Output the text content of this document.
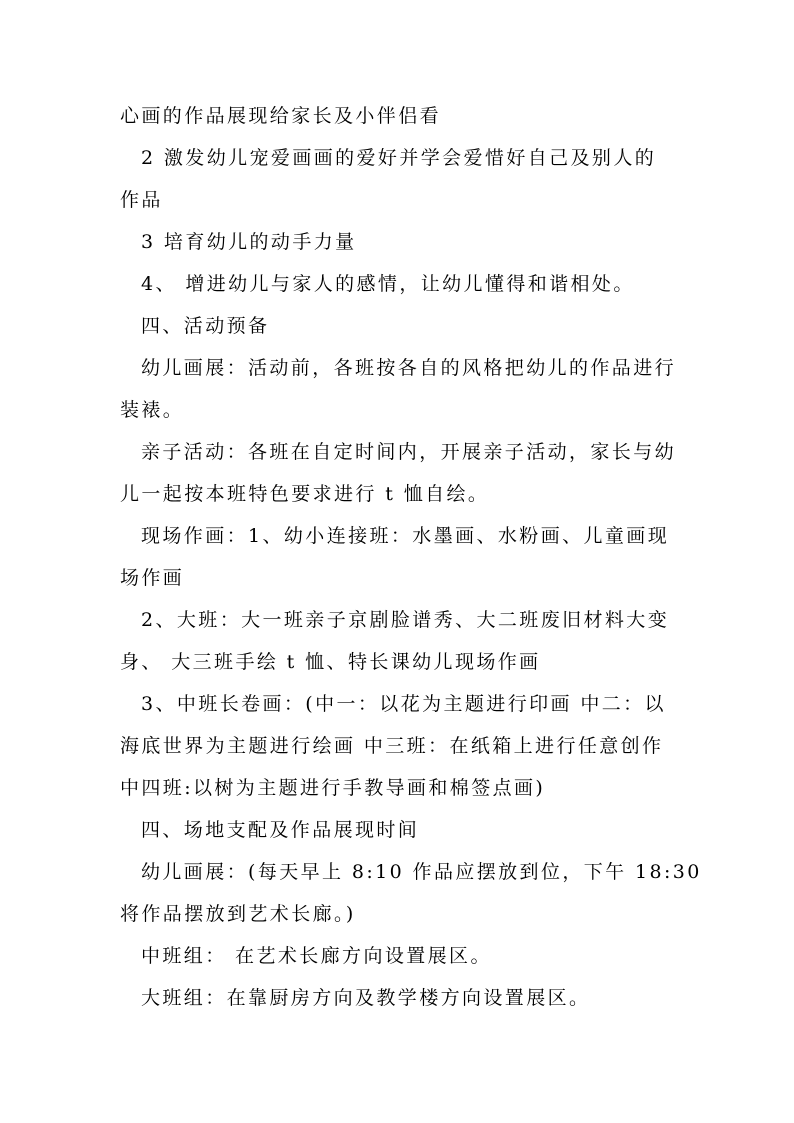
心画的作品展现给家长及小伴侣看
2 激发幼儿宠爱画画的爱好并学会爱惜好自己及别人的
作品
3 培育幼儿的动手力量
4、 增进幼儿与家人的感情，让幼儿懂得和谐相处。
四、活动预备
幼儿画展：活动前，各班按各自的风格把幼儿的作品进行
装裱。
亲子活动：各班在自定时间内，开展亲子活动，家长与幼
儿一起按本班特色要求进行 t 恤自绘。
现场作画：1、幼小连接班：水墨画、水粉画、儿童画现
场作画
2、大班：大一班亲子京剧脸谱秀、大二班废旧材料大变
身、 大三班手绘 t 恤、特长课幼儿现场作画
3、中班长卷画：(中一：以花为主题进行印画 中二：以
海底世界为主题进行绘画 中三班：在纸箱上进行任意创作
中四班:以树为主题进行手教导画和棉签点画)
四、场地支配及作品展现时间
幼儿画展：(每天早上 8:10 作品应摆放到位，下午 18:30
将作品摆放到艺术长廊。)
中班组： 在艺术长廊方向设置展区。
大班组：在靠厨房方向及教学楼方向设置展区。
